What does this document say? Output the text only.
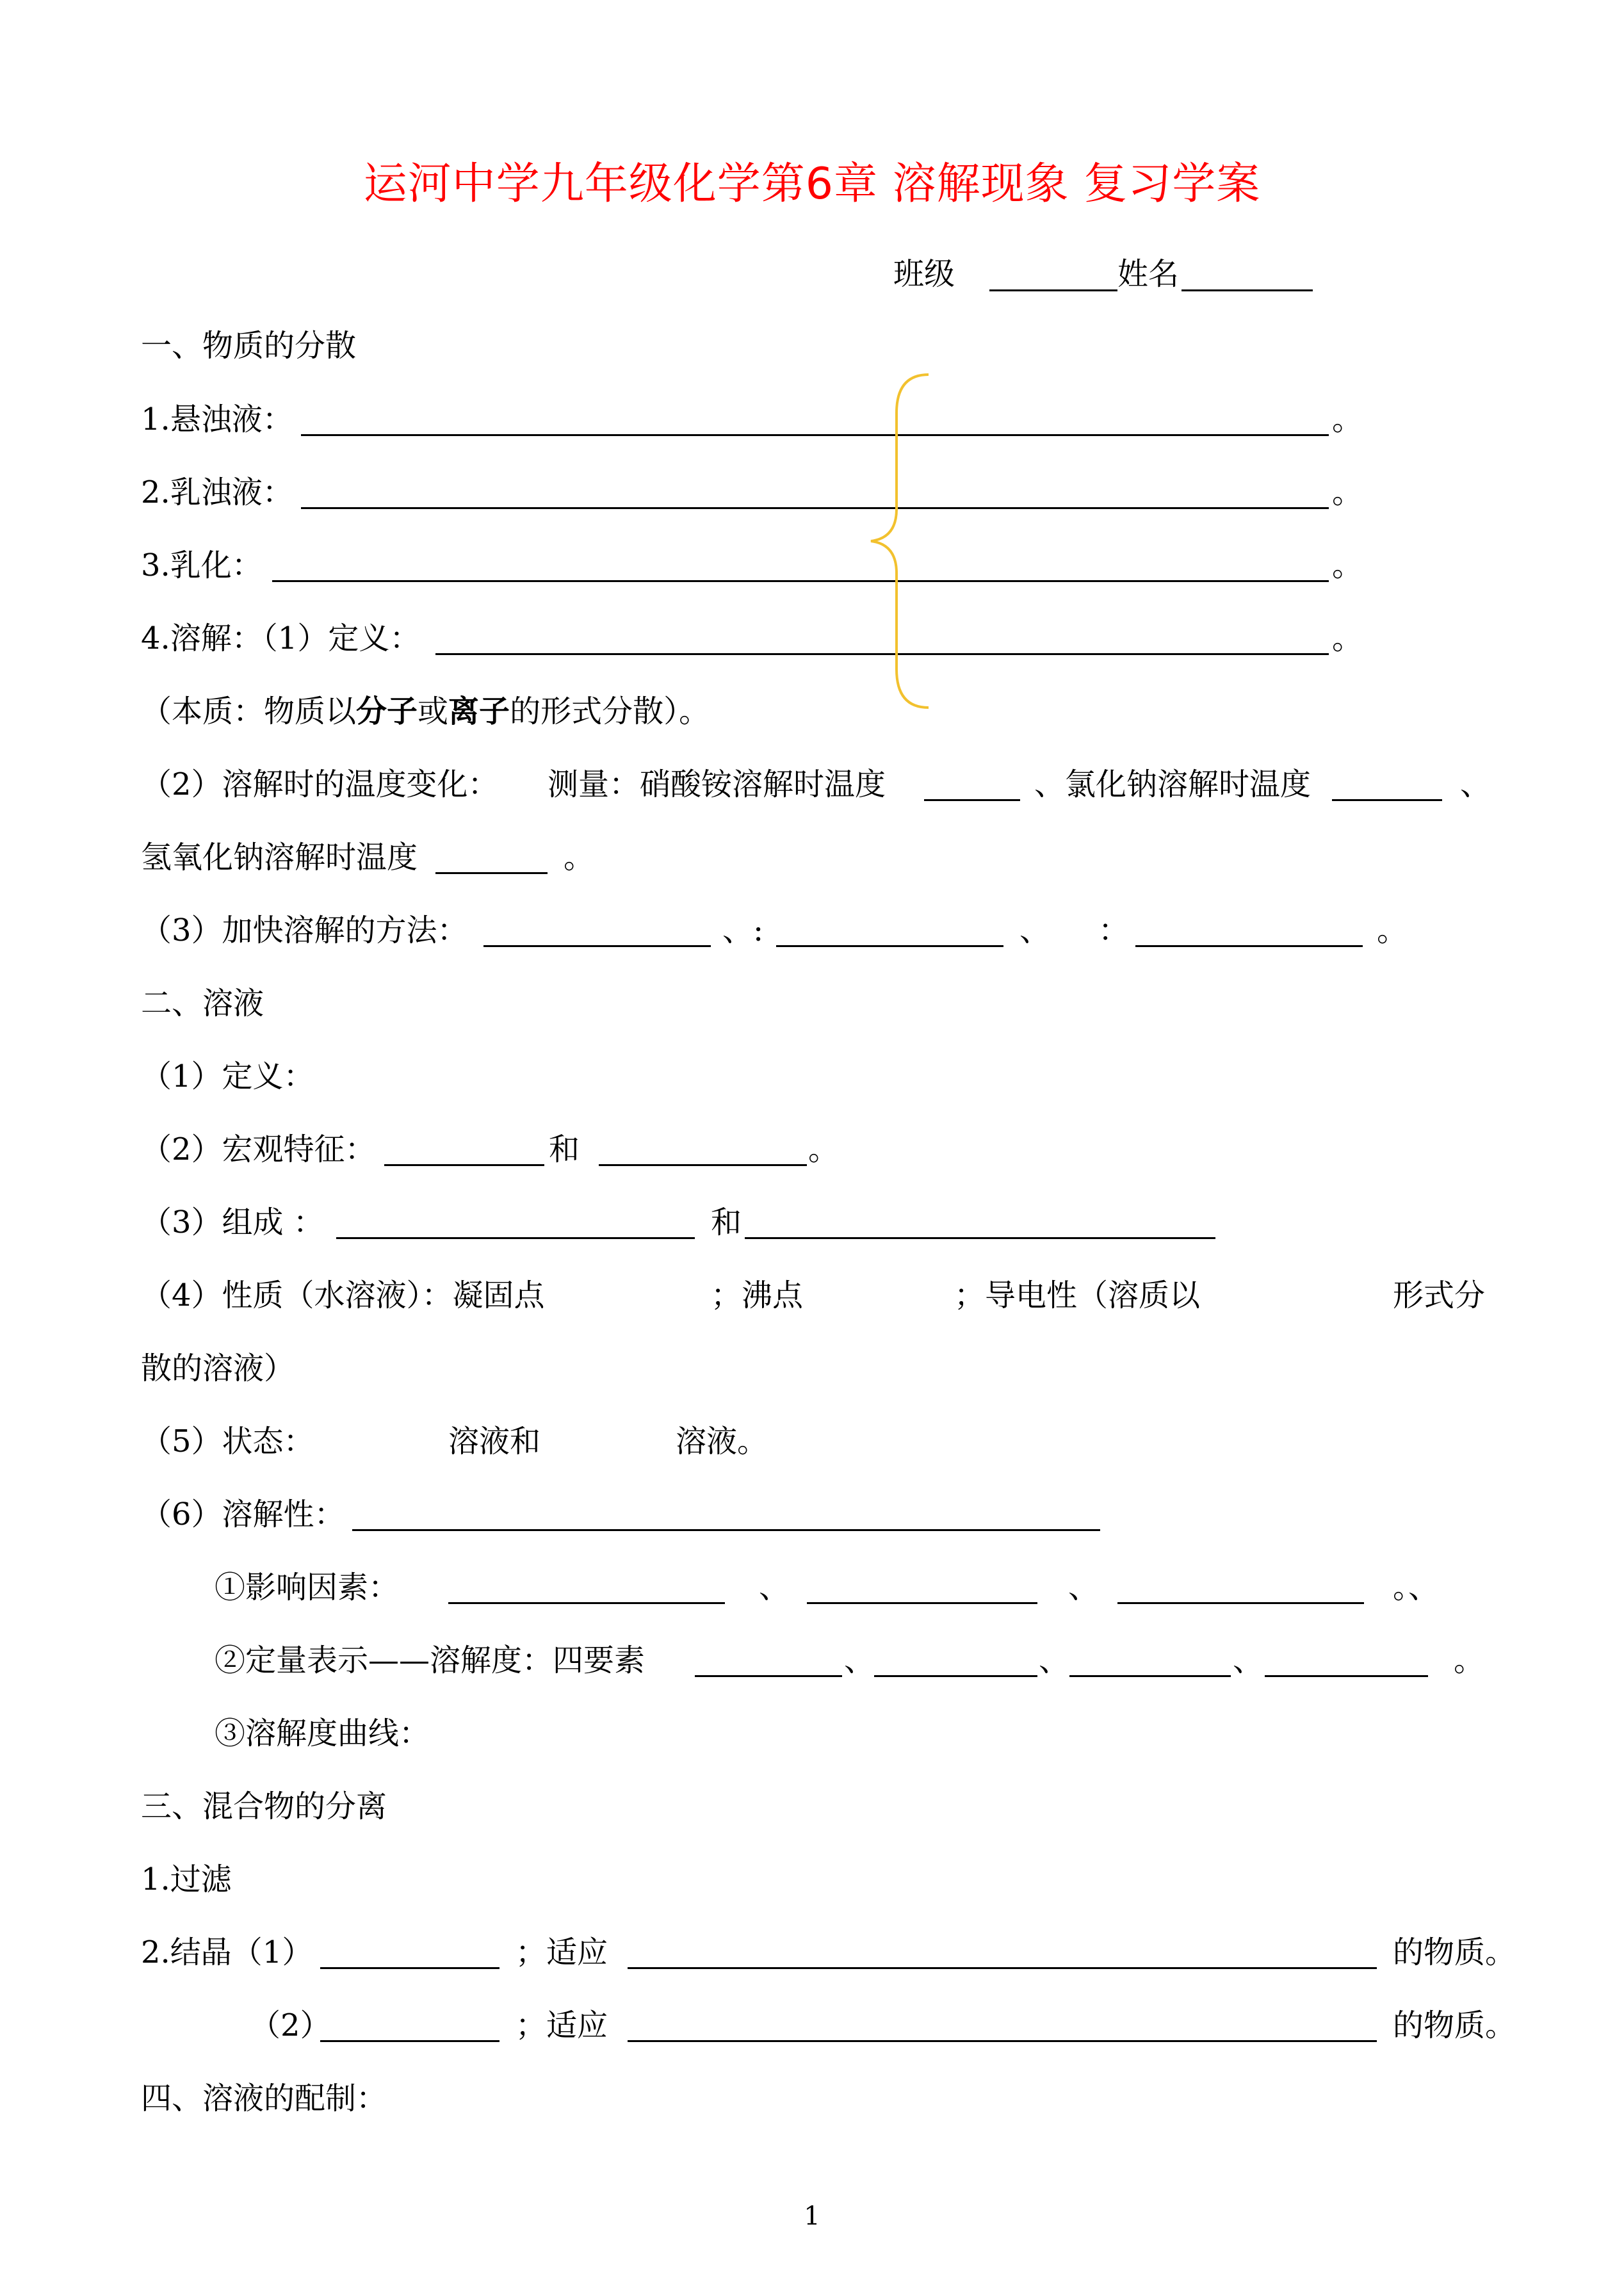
运河中学九年级化学第6章 溶解现象 复习学案
班级	姓名
一、物质的分散
1.悬浊液：	。
2.乳浊液：	。
3.乳化：	。
4.溶解：（1）定义：	。
（本质：物质以分子或离子的形式分散）。
（2）溶解时的温度变化： 测量：硝酸铵溶解时温度	、氯化钠溶解时温度	、
氢氧化钠溶解时温度	。
（3）加快溶解的方法：	、:	、 ：	。
二、溶液
（1）定义：
（2）宏观特征：	和	。
（3）组成 ：	和
（4）性质（水溶液）：凝固点	；沸点	；导电性（溶质以	形式分
散的溶液）
（5）状态：	溶液和	溶液。
（6）溶解性：
①影响因素：	、	、	。、
②定量表示——溶解度：四要素	、	、	、	。
③溶解度曲线：
三、混合物的分离
1.过滤
2.结晶（1）	；适应	的物质。
（2）	；适应	的物质。
四、溶液的配制：
1
